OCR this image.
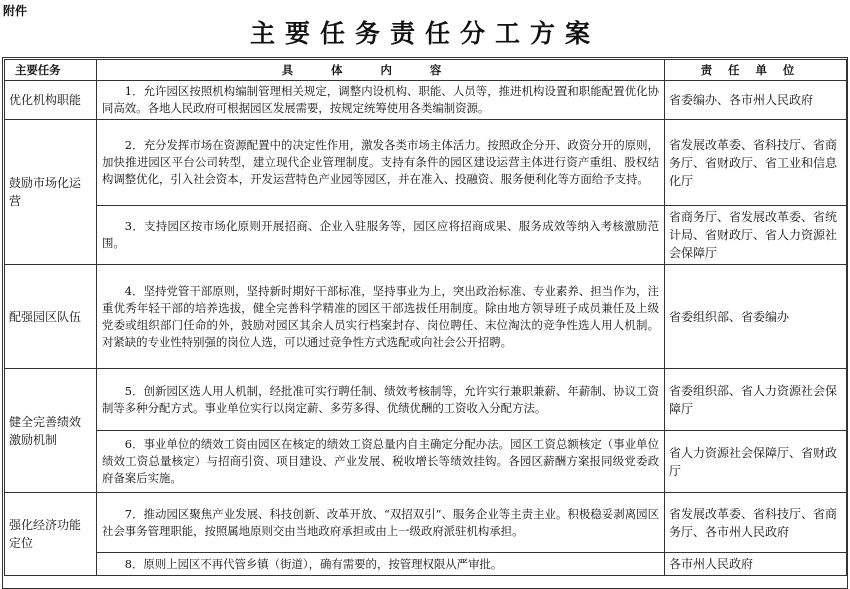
附件
主要任务责任分工方案
主要任务	具体内容	责任单位
优化机构职能	1．允许园区按照机构编制管理相关规定，调整内设机构、职能、人员等，推进机构设置和职能配置优化协同高效。各地人民政府可根据园区发展需要，按规定统筹使用各类编制资源。	省委编办、各市州人民政府
鼓励市场化运营	2．充分发挥市场在资源配置中的决定性作用，激发各类市场主体活力。按照政企分开、政资分开的原则，加快推进园区平台公司转型，建立现代企业管理制度。支持有条件的园区建设运营主体进行资产重组、股权结构调整优化，引入社会资本，开发运营特色产业园等园区，并在准入、投融资、服务便利化等方面给予支持。	省发展改革委、省科技厅、省商务厅、省财政厅、省工业和信息化厅
	3．支持园区按市场化原则开展招商、企业入驻服务等，园区应将招商成果、服务成效等纳入考核激励范围。	省商务厅、省发展改革委、省统计局、省财政厅、省人力资源社会保障厅
配强园区队伍	4．坚持党管干部原则，坚持新时期好干部标准，坚持事业为上，突出政治标准、专业素养、担当作为，注重优秀年轻干部的培养选拔，健全完善科学精准的园区干部选拔任用制度。除由地方领导班子成员兼任及上级党委或组织部门任命的外，鼓励对园区其余人员实行档案封存、岗位聘任、末位淘汰的竞争性选人用人机制。对紧缺的专业性特别强的岗位人选，可以通过竞争性方式选配或向社会公开招聘。	省委组织部、省委编办
健全完善绩效激励机制	5．创新园区选人用人机制，经批准可实行聘任制、绩效考核制等，允许实行兼职兼薪、年薪制、协议工资制等多种分配方式。事业单位实行以岗定薪、多劳多得、优绩优酬的工资收入分配方法。	省委组织部、省人力资源社会保障厅
	6．事业单位的绩效工资由园区在核定的绩效工资总量内自主确定分配办法。园区工资总额核定（事业单位绩效工资总量核定）与招商引资、项目建设、产业发展、税收增长等绩效挂钩。各园区薪酬方案报同级党委政府备案后实施。	省人力资源社会保障厅、省财政厅
强化经济功能定位	7．推动园区聚焦产业发展、科技创新、改革开放、“双招双引”、服务企业等主责主业。积极稳妥剥离园区社会事务管理职能，按照属地原则交由当地政府承担或由上一级政府派驻机构承担。	省发展改革委、省科技厅、省商务厅、各市州人民政府
	8．原则上园区不再代管乡镇（街道），确有需要的，按管理权限从严审批。	各市州人民政府
